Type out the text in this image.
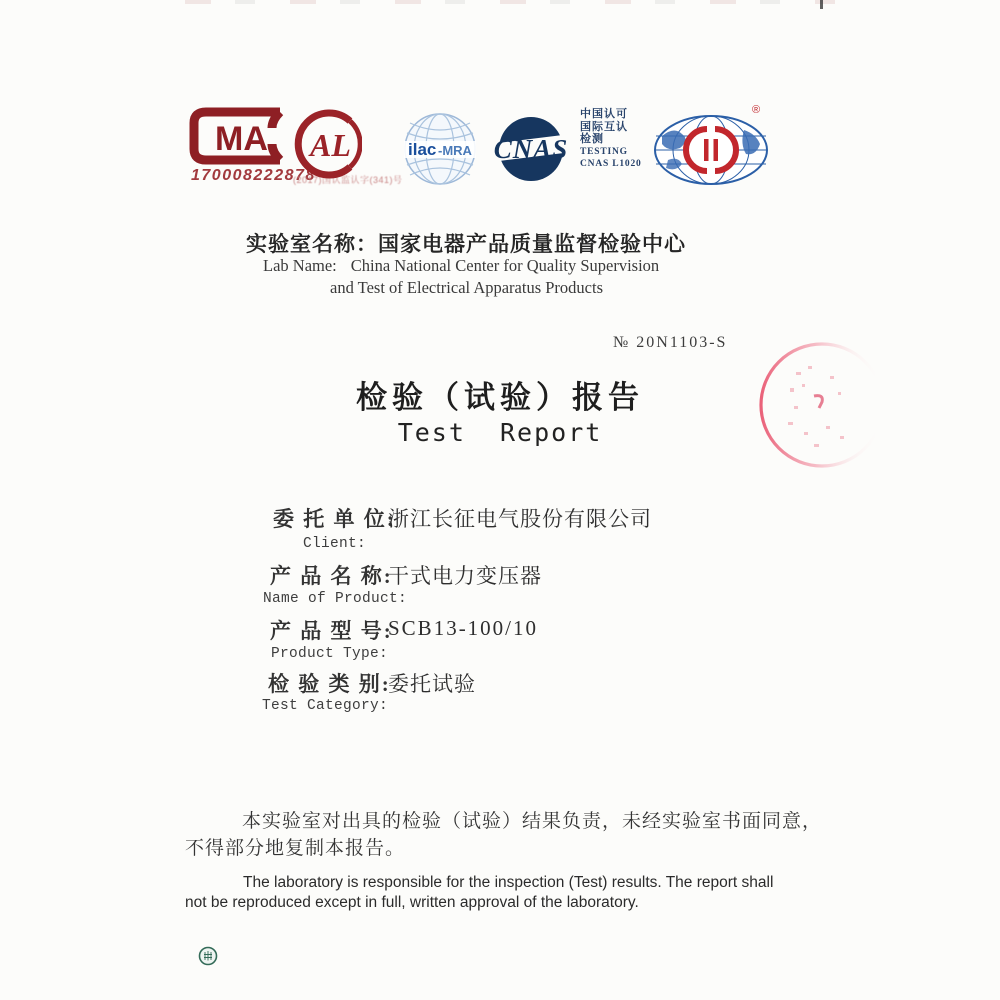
MA
170008222878
(2017)国认监认字(341)号
AL	ilac -MRA CNAS
中国认可
国际互认
检测
TESTING
CNAS L1020
®
实验室名称：国家电器产品质量监督检验中心
Lab Name: China National Center for Quality Supervision
and Test of Electrical Apparatus Products
№ 20N1103-S
检验（试验）报告
Test  Report
委 托 单 位:
浙江长征电气股份有限公司
Client:
产 品 名 称:
干式电力变压器
Name of Product:
产 品 型 号:
SCB13-100/10
Product Type:
检 验 类 别:
委托试验
Test Category:
本实验室对出具的检验（试验）结果负责，未经实验室书面同意，
不得部分地复制本报告。
The laboratory is responsible for the inspection (Test) results. The report shall
not be reproduced except in full, written approval of the laboratory.
